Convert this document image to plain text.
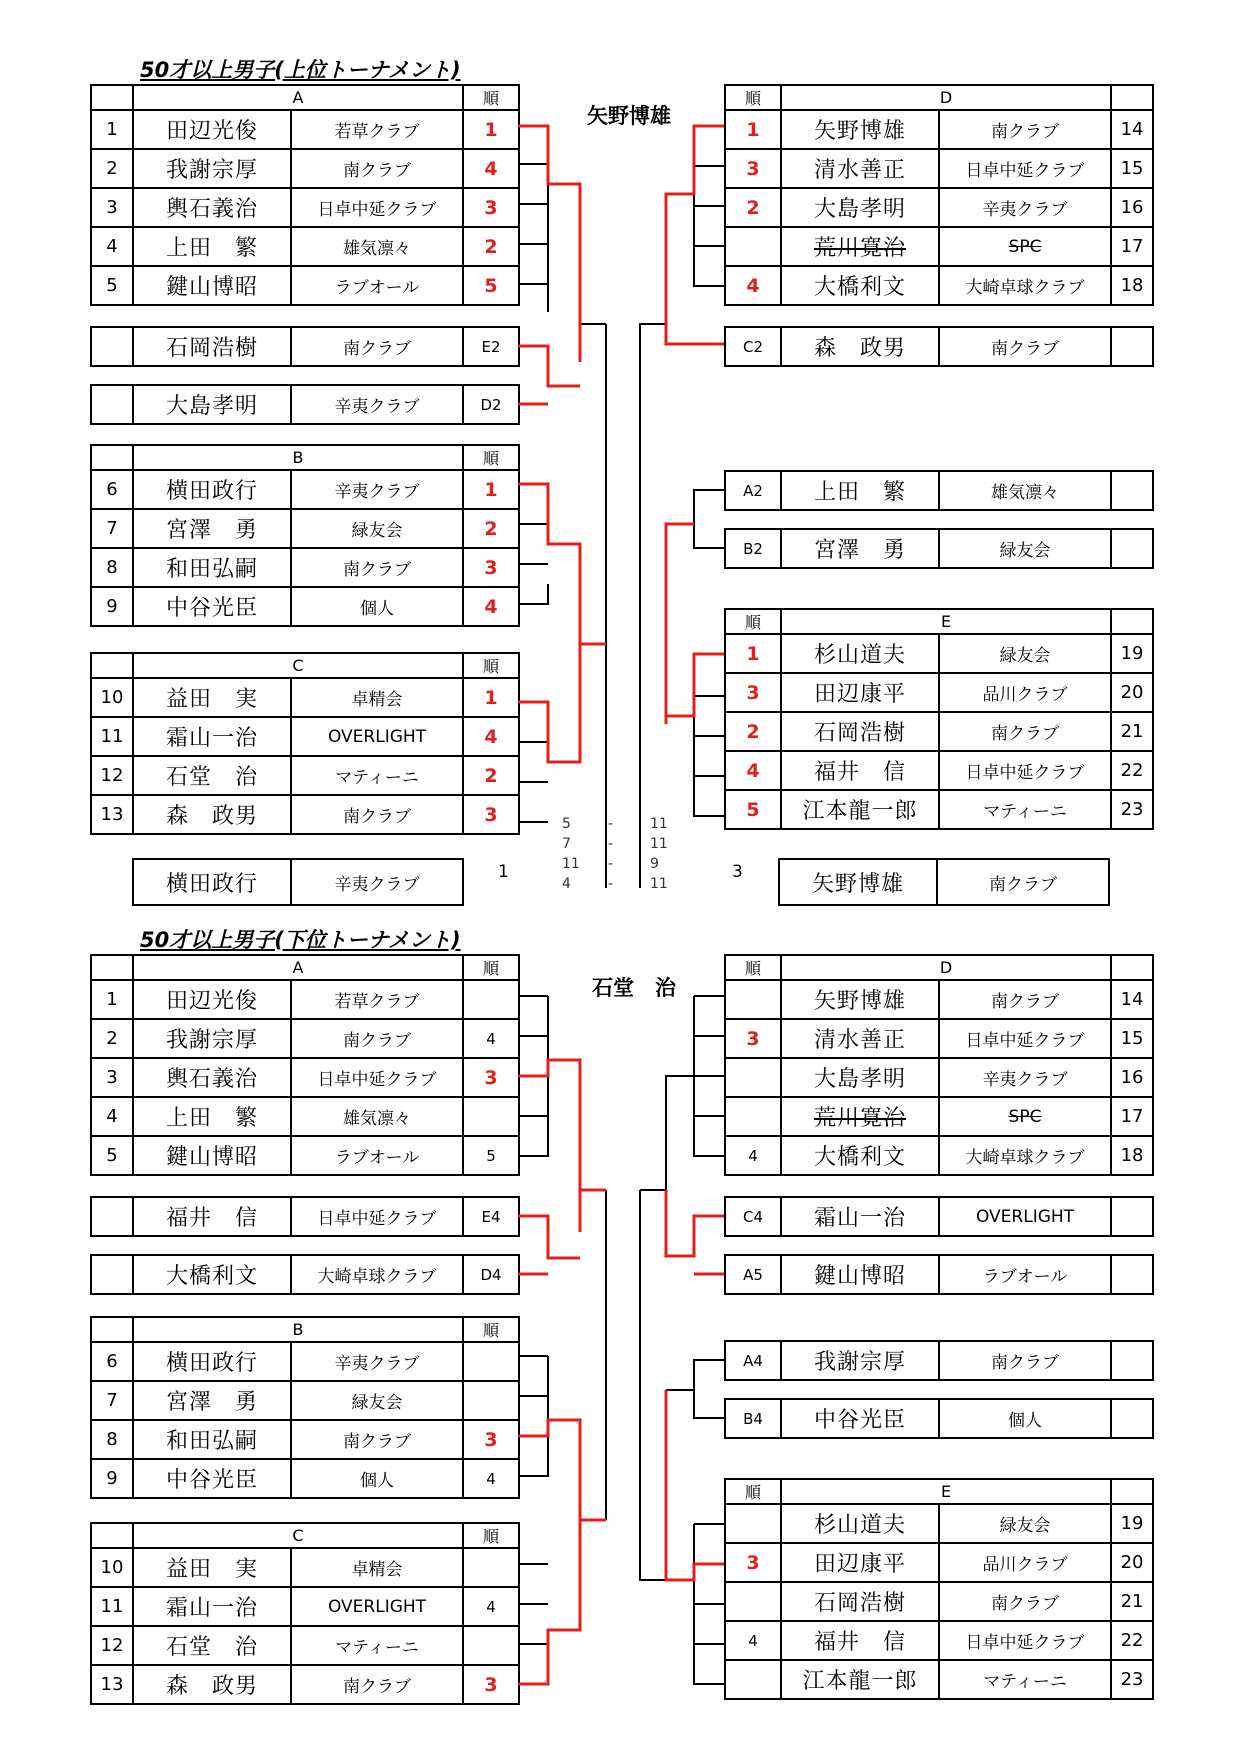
50才以上男子(上位トーナメント)
矢野博雄
	A		順
1	田辺光俊	若草クラブ	1
2	我謝宗厚	南クラブ	4
3	輿石義治	日卓中延クラブ	3
4	上田　繁	雄気凛々	2
5	鍵山博昭	ラブオール	5
	石岡浩樹	南クラブ	E2
	大島孝明	辛夷クラブ	D2
	B		順
6	横田政行	辛夷クラブ	1
7	宮澤　勇	緑友会	2
8	和田弘嗣	南クラブ	3
9	中谷光臣	個人	4
	C		順
10	益田　実	卓精会	1
11	霜山一治	OVERLIGHT	4
12	石堂　治	マティーニ	2
13	森　政男	南クラブ	3
順	D		
1	矢野博雄	南クラブ	14
3	清水善正	日卓中延クラブ	15
2	大島孝明	辛夷クラブ	16
	荒川寛治	SPC	17
4	大橋利文	大崎卓球クラブ	18
C2	森　政男	南クラブ	
A2	上田　繁	雄気凛々	
B2	宮澤　勇	緑友会	
順	E		
1	杉山道夫	緑友会	19
3	田辺康平	品川クラブ	20
2	石岡浩樹	南クラブ	21
4	福井　信	日卓中延クラブ	22
5	江本龍一郎	マティーニ	23
横田政行	辛夷クラブ
1	矢野博雄	南クラブ
3
5	-	11
7	-	11
11 -	9
4	-	11
50才以上男子(下位トーナメント)
石堂　治
	A		順
1	田辺光俊	若草クラブ	
2	我謝宗厚	南クラブ	4
3	輿石義治	日卓中延クラブ	3
4	上田　繁	雄気凛々	
5	鍵山博昭	ラブオール	5
	福井　信	日卓中延クラブ	E4
	大橋利文	大崎卓球クラブ	D4
	B		順
6	横田政行	辛夷クラブ	
7	宮澤　勇	緑友会	
8	和田弘嗣	南クラブ	3
9	中谷光臣	個人	4
	C		順
10	益田　実	卓精会	
11	霜山一治	OVERLIGHT	4
12	石堂　治	マティーニ	
13	森　政男	南クラブ	3
順	D		
	矢野博雄	南クラブ	14
3	清水善正	日卓中延クラブ	15
	大島孝明	辛夷クラブ	16
	荒川寛治	SPC	17
4	大橋利文	大崎卓球クラブ	18
C4	霜山一治	OVERLIGHT	
A5	鍵山博昭	ラブオール	
A4	我謝宗厚	南クラブ	
B4	中谷光臣	個人	
順	E		
	杉山道夫	緑友会	19
3	田辺康平	品川クラブ	20
	石岡浩樹	南クラブ	21
4	福井　信	日卓中延クラブ	22
	江本龍一郎	マティーニ	23
